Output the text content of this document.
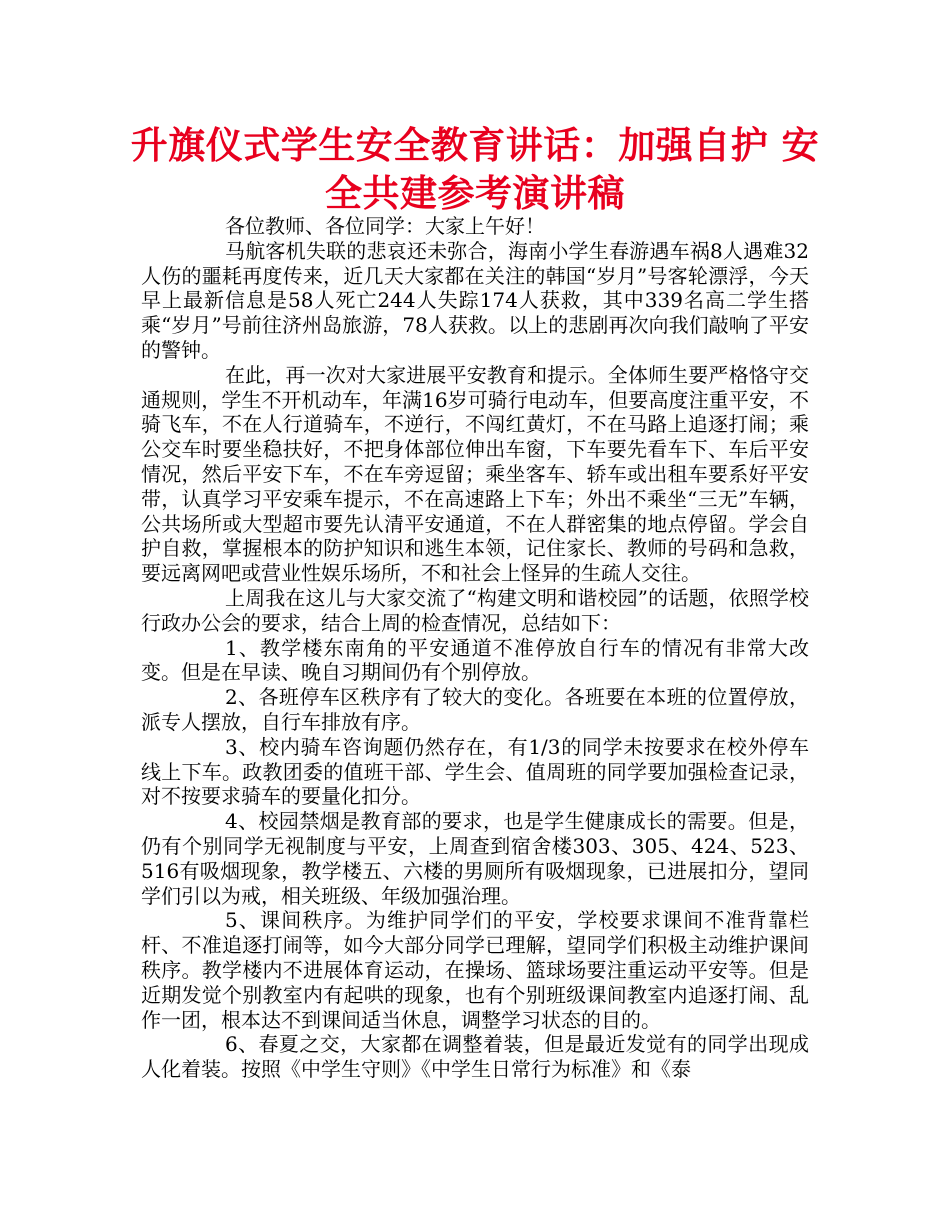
升旗仪式学生安全教育讲话：加强自护 安全共建参考演讲稿

各位教师、各位同学：大家上午好！

马航客机失联的悲哀还未弥合，海南小学生春游遇车祸8人遇难32人伤的噩耗再度传来，近几天大家都在关注的韩国“岁月”号客轮漂浮，今天早上最新信息是58人死亡244人失踪174人获救，其中339名高二学生搭乘“岁月”号前往济州岛旅游，78人获救。以上的悲剧再次向我们敲响了平安的警钟。

在此，再一次对大家进展平安教育和提示。全体师生要严格恪守交通规则，学生不开机动车，年满16岁可骑行电动车，但要高度注重平安，不骑飞车，不在人行道骑车，不逆行，不闯红黄灯，不在马路上追逐打闹；乘公交车时要坐稳扶好，不把身体部位伸出车窗，下车要先看车下、车后平安情况，然后平安下车，不在车旁逗留；乘坐客车、轿车或出租车要系好平安带，认真学习平安乘车提示，不在高速路上下车；外出不乘坐“三无”车辆，公共场所或大型超市要先认清平安通道，不在人群密集的地点停留。学会自护自救，掌握根本的防护知识和逃生本领，记住家长、教师的号码和急救，要远离网吧或营业性娱乐场所，不和社会上怪异的生疏人交往。

上周我在这儿与大家交流了“构建文明和谐校园”的话题，依照学校行政办公会的要求，结合上周的检查情况，总结如下：

1、教学楼东南角的平安通道不准停放自行车的情况有非常大改变。但是在早读、晚自习期间仍有个别停放。

2、各班停车区秩序有了较大的变化。各班要在本班的位置停放，派专人摆放，自行车排放有序。

3、校内骑车咨询题仍然存在，有1/3的同学未按要求在校外停车线上下车。政教团委的值班干部、学生会、值周班的同学要加强检查记录，对不按要求骑车的要量化扣分。

4、校园禁烟是教育部的要求，也是学生健康成长的需要。但是，仍有个别同学无视制度与平安，上周查到宿舍楼303、305、424、523、516有吸烟现象，教学楼五、六楼的男厕所有吸烟现象，已进展扣分，望同学们引以为戒，相关班级、年级加强治理。

5、课间秩序。为维护同学们的平安，学校要求课间不准背靠栏杆、不准追逐打闹等，如今大部分同学已理解，望同学们积极主动维护课间秩序。教学楼内不进展体育运动，在操场、篮球场要注重运动平安等。但是近期发觉个别教室内有起哄的现象，也有个别班级课间教室内追逐打闹、乱作一团，根本达不到课间适当休息，调整学习状态的目的。

6、春夏之交，大家都在调整着装，但是最近发觉有的同学出现成人化着装。按照《中学生守则》《中学生日常行为标准》和《泰
